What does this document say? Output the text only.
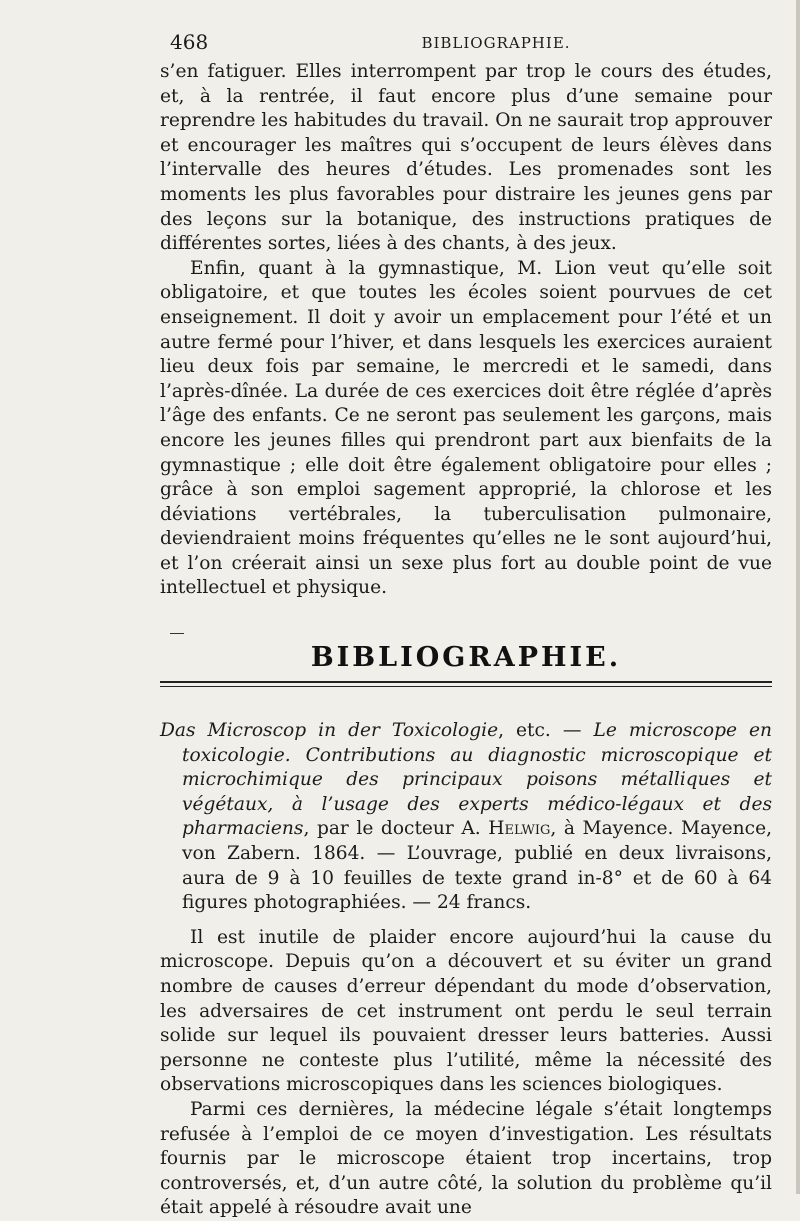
468	BIBLIOGRAPHIE.

s’en fatiguer. Elles interrompent par trop le cours des études, et, à la rentrée, il faut encore plus d’une semaine pour reprendre les habitudes du travail. On ne saurait trop approuver et encourager les maîtres qui s’occupent de leurs élèves dans l’intervalle des heures d’études. Les promenades sont les moments les plus favorables pour distraire les jeunes gens par des leçons sur la botanique, des instructions pratiques de différentes sortes, liées à des chants, à des jeux.

Enfin, quant à la gymnastique, M. Lion veut qu’elle soit obligatoire, et que toutes les écoles soient pourvues de cet enseignement. Il doit y avoir un emplacement pour l’été et un autre fermé pour l’hiver, et dans lesquels les exercices auraient lieu deux fois par semaine, le mercredi et le samedi, dans l’après-dînée. La durée de ces exercices doit être réglée d’après l’âge des enfants. Ce ne seront pas seulement les garçons, mais encore les jeunes filles qui prendront part aux bienfaits de la gymnastique ; elle doit être également obligatoire pour elles ; grâce à son emploi sagement approprié, la chlorose et les déviations vertébrales, la tuberculisation pulmonaire, deviendraient moins fréquentes qu’elles ne le sont aujourd’hui, et l’on créerait ainsi un sexe plus fort au double point de vue intellectuel et physique.

BIBLIOGRAPHIE.

Das Microscop in der Toxicologie, etc. — Le microscope en toxicologie. Contributions au diagnostic microscopique et microchimique des principaux poisons métalliques et végétaux, à l’usage des experts médico-légaux et des pharmaciens, par le docteur A. Helwig, à Mayence. Mayence, von Zabern. 1864. — L’ouvrage, publié en deux livraisons, aura de 9 à 10 feuilles de texte grand in-8° et de 60 à 64 figures photographiées. — 24 francs.

Il est inutile de plaider encore aujourd’hui la cause du microscope. Depuis qu’on a découvert et su éviter un grand nombre de causes d’erreur dépendant du mode d’observation, les adversaires de cet instrument ont perdu le seul terrain solide sur lequel ils pouvaient dresser leurs batteries. Aussi personne ne conteste plus l’utilité, même la nécessité des observations microscopiques dans les sciences biologiques.

Parmi ces dernières, la médecine légale s’était longtemps refusée à l’emploi de ce moyen d’investigation. Les résultats fournis par le microscope étaient trop incertains, trop controversés, et, d’un autre côté, la solution du problème qu’il était appelé à résoudre avait une
